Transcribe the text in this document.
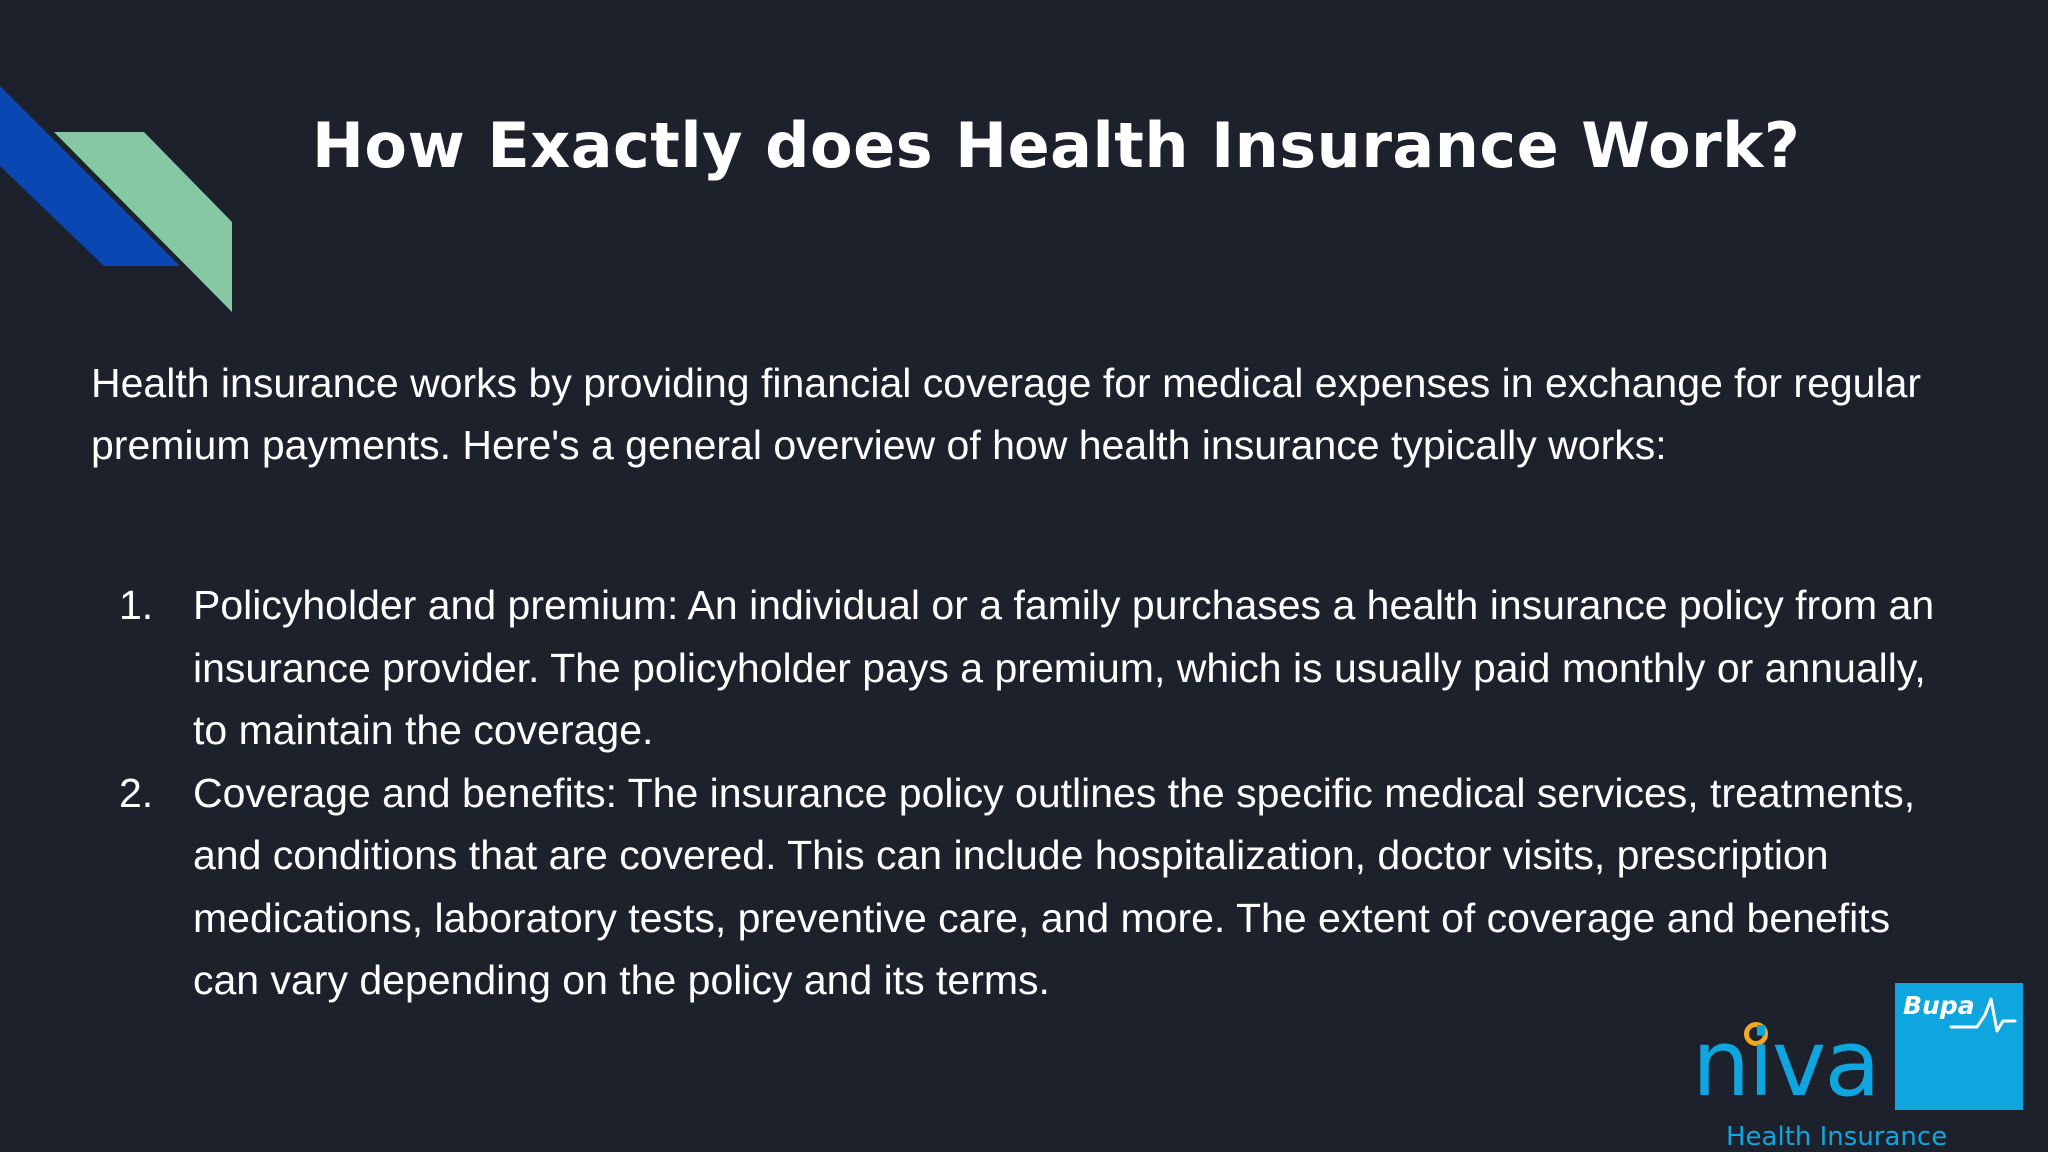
How Exactly does Health Insurance Work?

Health insurance works by providing financial coverage for medical expenses in exchange for regular premium payments. Here's a general overview of how health insurance typically works:

1. Policyholder and premium: An individual or a family purchases a health insurance policy from an insurance provider. The policyholder pays a premium, which is usually paid monthly or annually, to maintain the coverage.
2. Coverage and benefits: The insurance policy outlines the specific medical services, treatments, and conditions that are covered. This can include hospitalization, doctor visits, prescription medications, laboratory tests, preventive care, and more. The extent of coverage and benefits can vary depending on the policy and its terms.
Bupa
niva
Health Insurance
